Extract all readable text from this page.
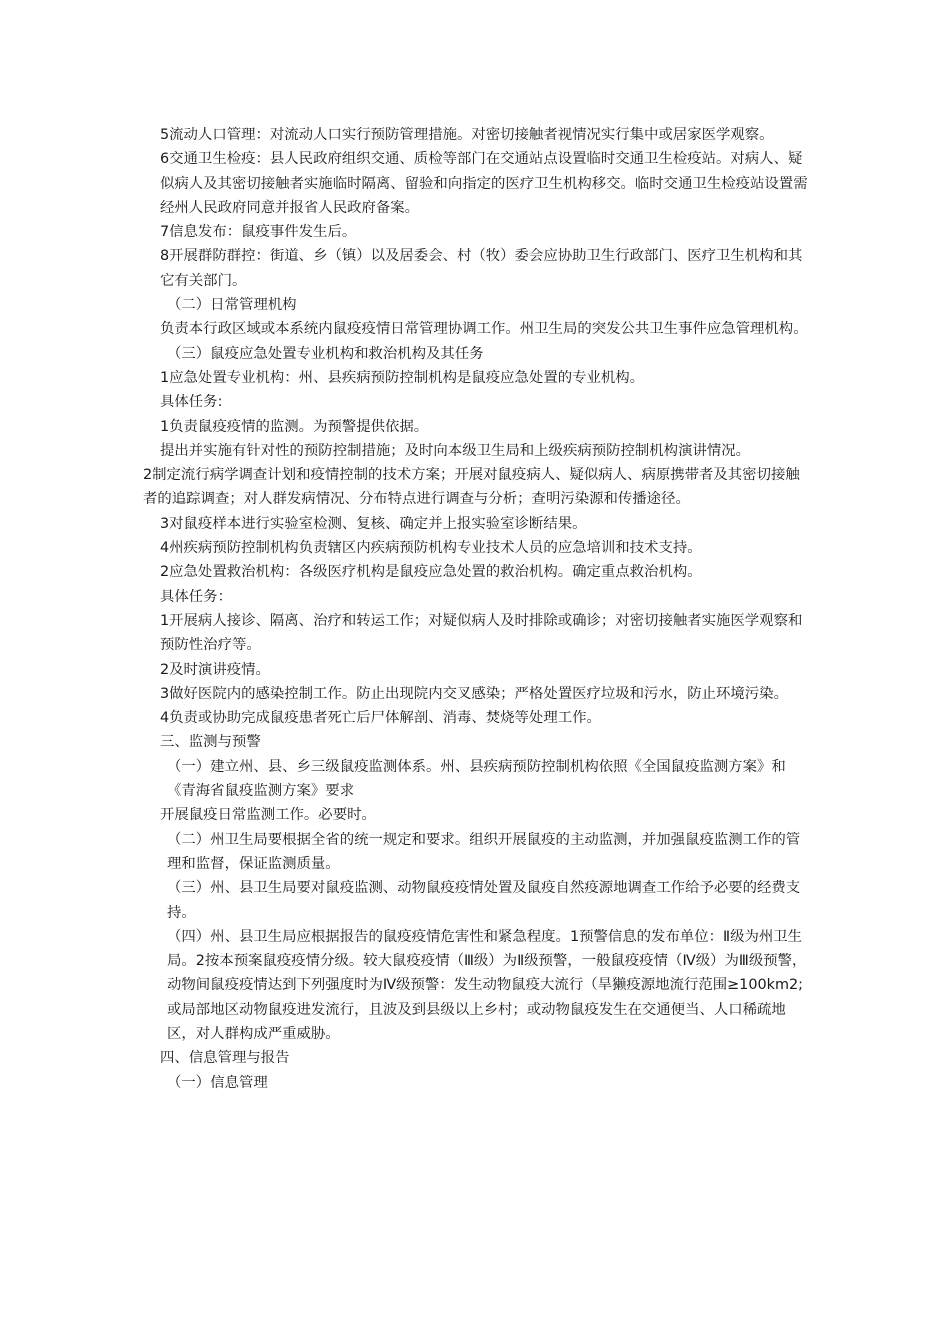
5流动人口管理：对流动人口实行预防管理措施。对密切接触者视情况实行集中或居家医学观察。

6交通卫生检疫：县人民政府组织交通、质检等部门在交通站点设置临时交通卫生检疫站。对病人、疑似病人及其密切接触者实施临时隔离、留验和向指定的医疗卫生机构移交。临时交通卫生检疫站设置需经州人民政府同意并报省人民政府备案。

7信息发布：鼠疫事件发生后。

8开展群防群控：街道、乡（镇）以及居委会、村（牧）委会应协助卫生行政部门、医疗卫生机构和其它有关部门。

（二）日常管理机构

负责本行政区域或本系统内鼠疫疫情日常管理协调工作。州卫生局的突发公共卫生事件应急管理机构。

（三）鼠疫应急处置专业机构和救治机构及其任务

1应急处置专业机构：州、县疾病预防控制机构是鼠疫应急处置的专业机构。

具体任务:

1负责鼠疫疫情的监测。为预警提供依据。

提出并实施有针对性的预防控制措施；及时向本级卫生局和上级疾病预防控制机构演讲情况。

2制定流行病学调查计划和疫情控制的技术方案；开展对鼠疫病人、疑似病人、病原携带者及其密切接触者的追踪调查；对人群发病情况、分布特点进行调查与分析；查明污染源和传播途径。

3对鼠疫样本进行实验室检测、复核、确定并上报实验室诊断结果。

4州疾病预防控制机构负责辖区内疾病预防机构专业技术人员的应急培训和技术支持。

2应急处置救治机构：各级医疗机构是鼠疫应急处置的救治机构。确定重点救治机构。

具体任务：

1开展病人接诊、隔离、治疗和转运工作；对疑似病人及时排除或确诊；对密切接触者实施医学观察和预防性治疗等。

2及时演讲疫情。

3做好医院内的感染控制工作。防止出现院内交叉感染；严格处置医疗垃圾和污水，防止环境污染。

4负责或协助完成鼠疫患者死亡后尸体解剖、消毒、焚烧等处理工作。

三、监测与预警

（一）建立州、县、乡三级鼠疫监测体系。州、县疾病预防控制机构依照《全国鼠疫监测方案》和《青海省鼠疫监测方案》要求

开展鼠疫日常监测工作。必要时。

（二）州卫生局要根据全省的统一规定和要求。组织开展鼠疫的主动监测，并加强鼠疫监测工作的管理和监督，保证监测质量。

（三）州、县卫生局要对鼠疫监测、动物鼠疫疫情处置及鼠疫自然疫源地调查工作给予必要的经费支持。

（四）州、县卫生局应根据报告的鼠疫疫情危害性和紧急程度。1预警信息的发布单位：Ⅱ级为州卫生局。2按本预案鼠疫疫情分级。较大鼠疫疫情（Ⅲ级）为Ⅱ级预警，一般鼠疫疫情（Ⅳ级）为Ⅲ级预警，动物间鼠疫疫情达到下列强度时为Ⅳ级预警：发生动物鼠疫大流行（旱獭疫源地流行范围≥100km2;或局部地区动物鼠疫进发流行，且波及到县级以上乡村；或动物鼠疫发生在交通便当、人口稀疏地区，对人群构成严重威胁。

四、信息管理与报告

（一）信息管理
